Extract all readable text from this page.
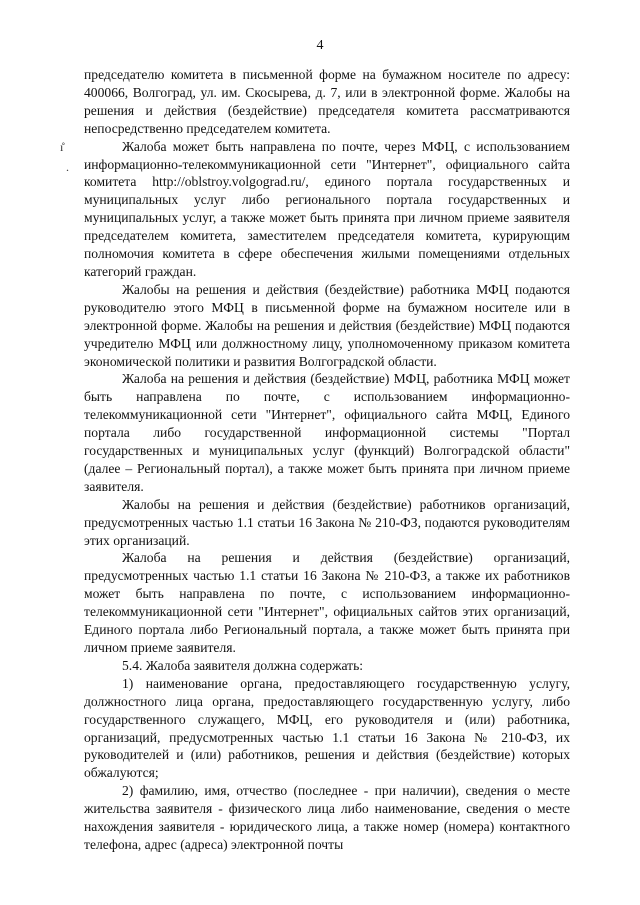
4
ı̊
.

председателю комитета в письменной форме на бумажном носителе по адресу: 400066, Волгоград, ул. им. Скосырева, д. 7, или в электронной форме. Жалобы на решения и действия (бездействие) председателя комитета рассматриваются непосредственно председателем комитета.

Жалоба может быть направлена по почте, через МФЦ, с использованием информационно-телекоммуникационной сети "Интернет", официального сайта комитета http://oblstroy.volgograd.ru/, единого портала государственных и муниципальных услуг либо регионального портала государственных и муниципальных услуг, а также может быть принята при личном приеме заявителя председателем комитета, заместителем председателя комитета, курирующим полномочия комитета в сфере обеспечения жилыми помещениями отдельных категорий граждан.

Жалобы на решения и действия (бездействие) работника МФЦ подаются руководителю этого МФЦ в письменной форме на бумажном носителе или в электронной форме. Жалобы на решения и действия (бездействие) МФЦ подаются учредителю МФЦ или должностному лицу, уполномоченному приказом комитета экономической политики и развития Волгоградской области.

Жалоба на решения и действия (бездействие) МФЦ, работника МФЦ может быть направлена по почте, с использованием информационно-телекоммуникационной сети "Интернет", официального сайта МФЦ, Единого портала либо государственной информационной системы "Портал государственных и муниципальных услуг (функций) Волгоградской области" (далее – Региональный портал), а также может быть принята при личном приеме заявителя.

Жалобы на решения и действия (бездействие) работников организаций, предусмотренных частью 1.1 статьи 16 Закона № 210-ФЗ, подаются руководителям этих организаций.

Жалоба на решения и действия (бездействие) организаций, предусмотренных частью 1.1 статьи 16 Закона № 210-ФЗ, а также их работников может быть направлена по почте, с использованием информационно-телекоммуникационной сети "Интернет", официальных сайтов этих организаций, Единого портала либо Региональный портала, а также может быть принята при личном приеме заявителя.

5.4. Жалоба заявителя должна содержать:

1) наименование органа, предоставляющего государственную услугу, должностного лица органа, предоставляющего государственную услугу, либо государственного служащего, МФЦ, его руководителя и (или) работника, организаций, предусмотренных частью 1.1 статьи 16 Закона № 210-ФЗ, их руководителей и (или) работников, решения и действия (бездействие) которых обжалуются;

2) фамилию, имя, отчество (последнее - при наличии), сведения о месте жительства заявителя - физического лица либо наименование, сведения о месте нахождения заявителя - юридического лица, а также номер (номера) контактного телефона, адрес (адреса) электронной почты
